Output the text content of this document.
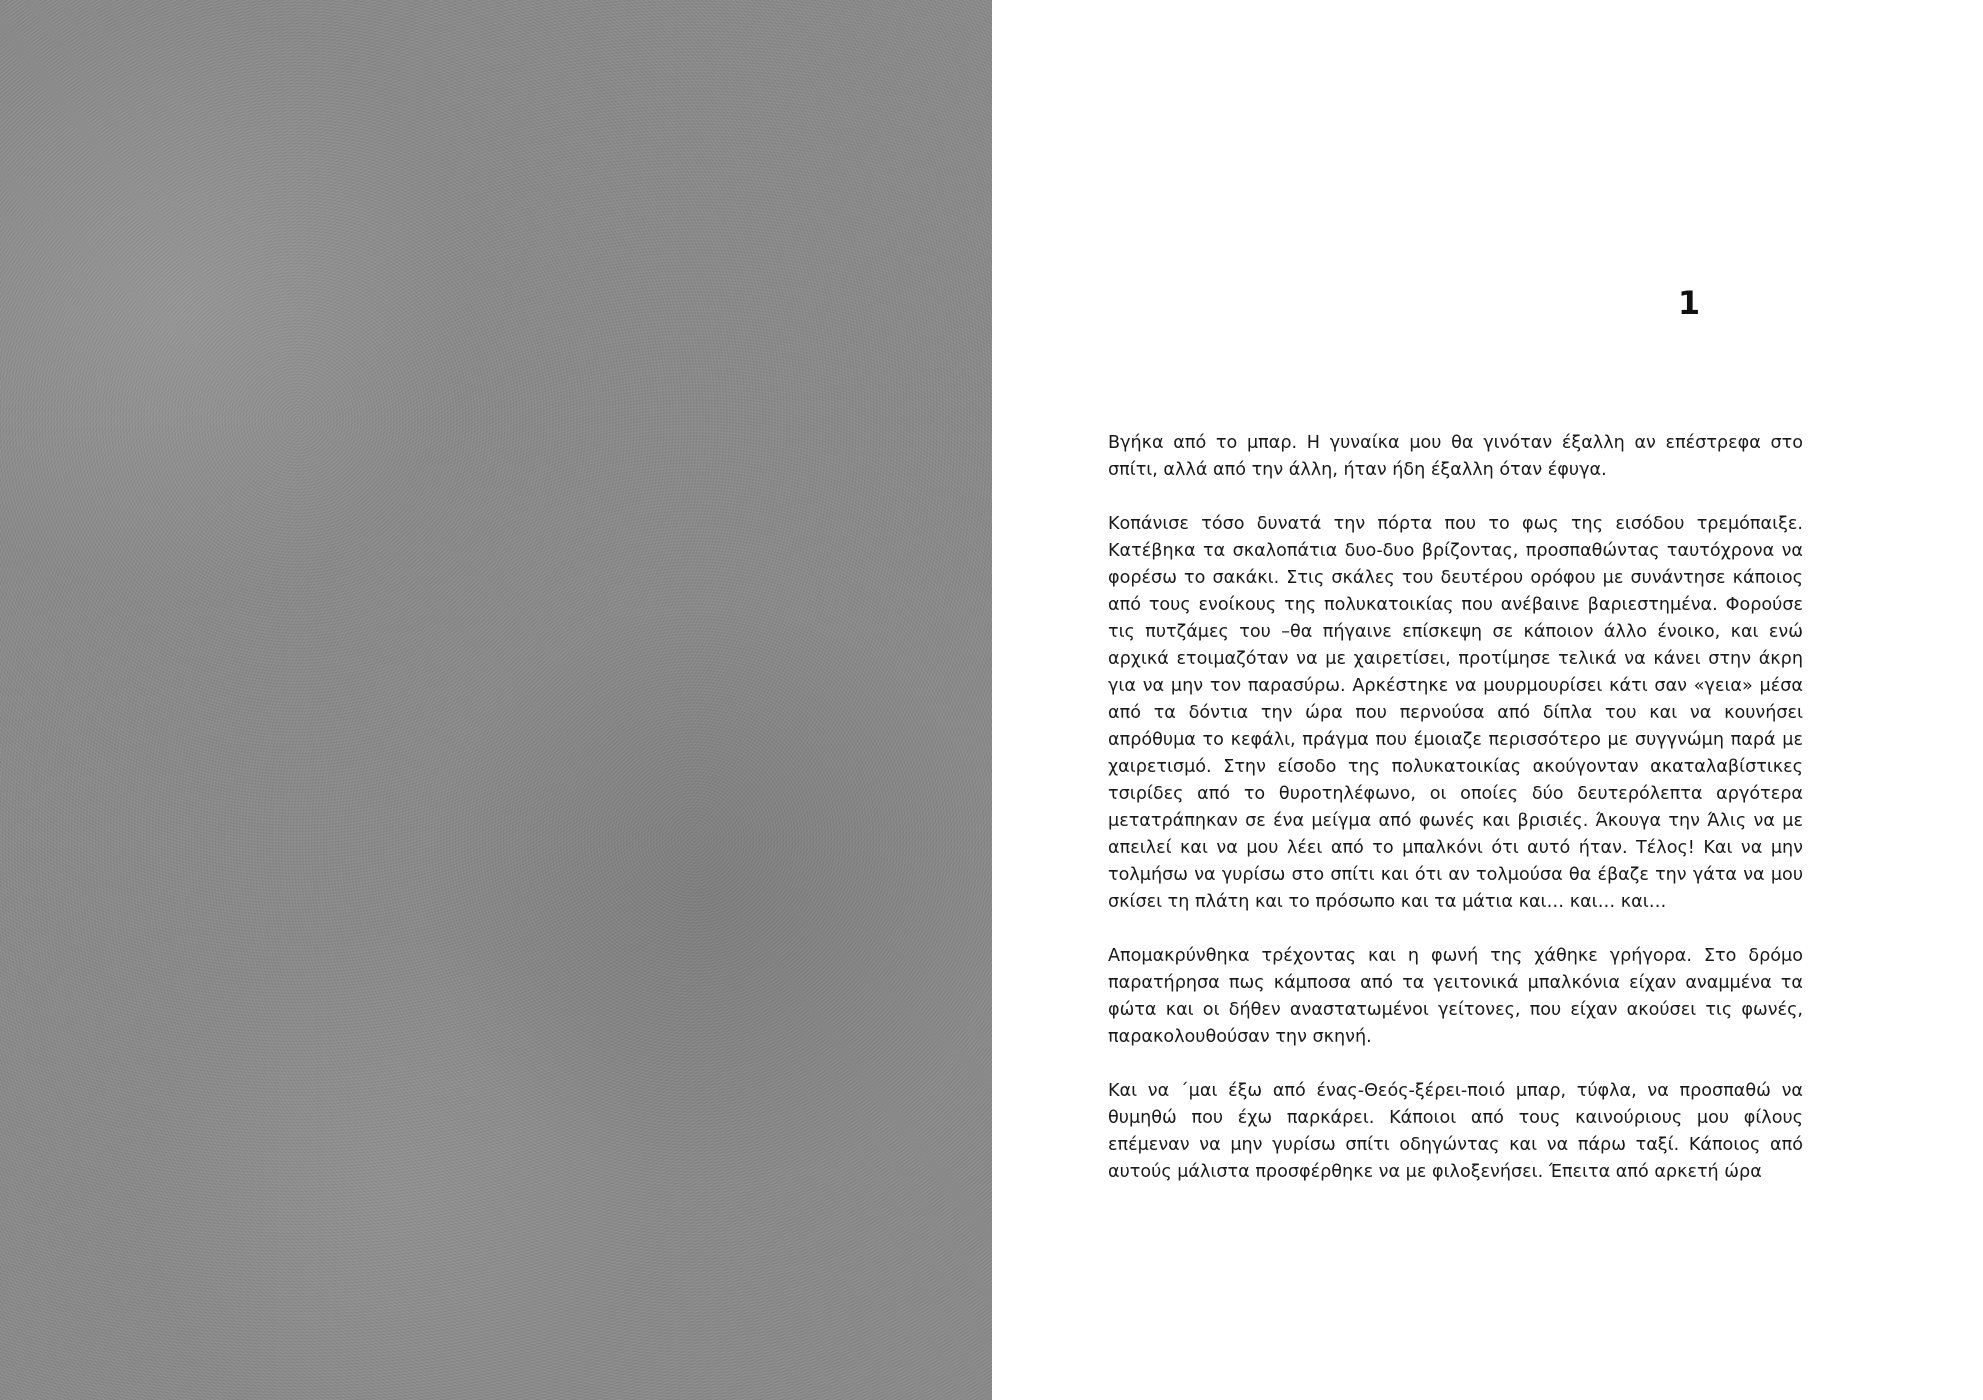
1

Βγήκα από το μπαρ. Η γυναίκα μου θα γινόταν έξαλλη αν επέστρεφα στο σπίτι, αλλά από την άλλη, ήταν ήδη έξαλλη όταν έφυγα.

Κοπάνισε τόσο δυνατά την πόρτα που το φως της εισόδου τρεμόπαιξε. Κατέβηκα τα σκαλοπάτια δυο-δυο βρίζοντας, προσπαθώντας ταυτόχρονα να φορέσω το σακάκι. Στις σκάλες του δευτέρου ορόφου με συνάντησε κάποιος από τους ενοίκους της πολυκατοικίας που ανέβαινε βαριεστημένα. Φορούσε τις πυτζάμες του –θα πήγαινε επίσκεψη σε κάποιον άλλο ένοικο, και ενώ αρχικά ετοιμαζόταν να με χαιρετίσει, προτίμησε τελικά να κάνει στην άκρη για να μην τον παρασύρω. Αρκέστηκε να μουρμουρίσει κάτι σαν «γεια» μέσα από τα δόντια την ώρα που περνούσα από δίπλα του και να κουνήσει απρόθυμα το κεφάλι, πράγμα που έμοιαζε περισσότερο με συγγνώμη παρά με χαιρετισμό. Στην είσοδο της πολυκατοικίας ακούγονταν ακαταλαβίστικες τσιρίδες από το θυροτηλέφωνο, οι οποίες δύο δευτερόλεπτα αργότερα μετατράπηκαν σε ένα μείγμα από φωνές και βρισιές. Άκουγα την Άλις να με απειλεί και να μου λέει από το μπαλκόνι ότι αυτό ήταν. Τέλος! Και να μην τολμήσω να γυρίσω στο σπίτι και ότι αν τολμούσα θα έβαζε την γάτα να μου σκίσει τη πλάτη και το πρόσωπο και τα μάτια και… και… και…

Απομακρύνθηκα τρέχοντας και η φωνή της χάθηκε γρήγορα. Στο δρόμο παρατήρησα πως κάμποσα από τα γειτονικά μπαλκόνια είχαν αναμμένα τα φώτα και οι δήθεν αναστατωμένοι γείτονες, που είχαν ακούσει τις φωνές, παρακολουθούσαν την σκηνή.

Και να ΄μαι έξω από ένας-Θεός-ξέρει-ποιό μπαρ, τύφλα, να προσπαθώ να θυμηθώ που έχω παρκάρει. Κάποιοι από τους καινούριους μου φίλους επέμεναν να μην γυρίσω σπίτι οδηγώντας και να πάρω ταξί. Κάποιος από αυτούς μάλιστα προσφέρθηκε να με φιλοξενήσει. Έπειτα από αρκετή ώρα
